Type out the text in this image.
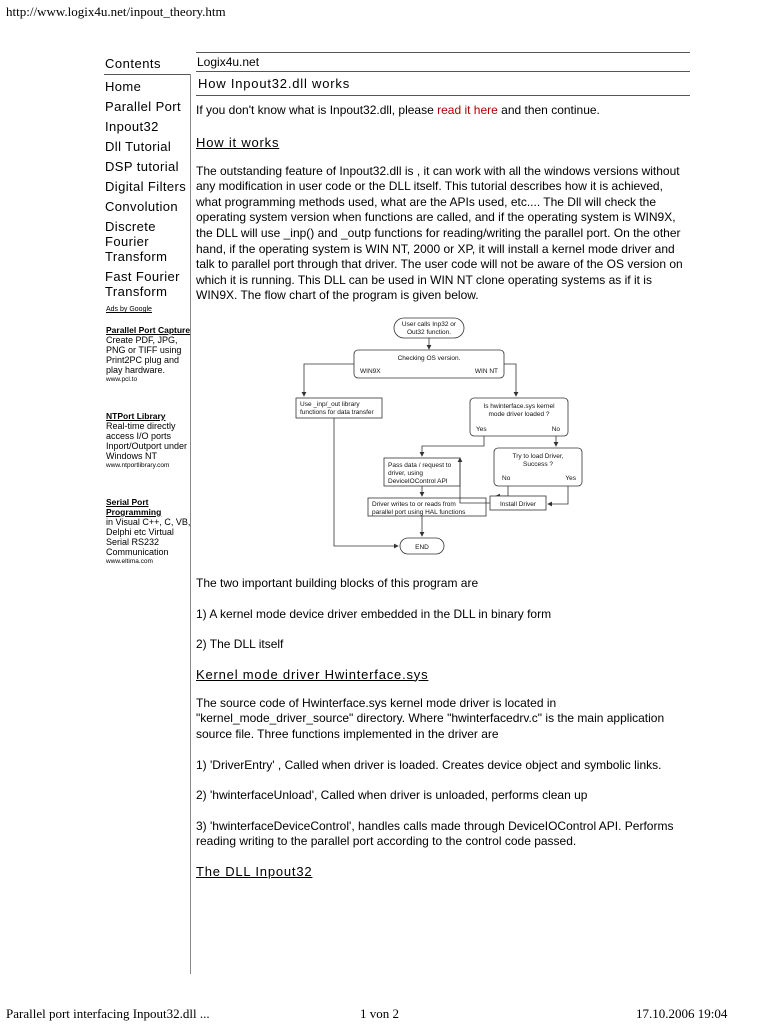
http://www.logix4u.net/inpout_theory.htm
Contents
Home
Parallel Port
Inpout32
Dll Tutorial
DSP tutorial
Digital Filters
Convolution
Discrete Fourier Transform
Fast Fourier Transform
Ads by Google
Parallel Port Capture
Create PDF, JPG, PNG or TIFF using Print2PC plug and play hardware.
www.pcl.to
NTPort Library
Real-time directly access I/O ports Inport/Outport under Windows NT
www.ntportlibrary.com
Serial Port Programming
in Visual C++, C, VB, Delphi etc Virtual Serial RS232 Communication
www.eltima.com
Logix4u.net
How Inpout32.dll works

If you don't know what is Inpout32.dll, please read it here and then continue.

How it works

The outstanding feature of Inpout32.dll is , it can work with all the windows versions without any modification in user code or the DLL itself. This tutorial describes how it is achieved, what programming methods used, what are the APIs used, etc.... The Dll will check the operating system version when functions are called, and if the operating system is WIN9X, the DLL will use _inp() and _outp functions for reading/writing the parallel port. On the other hand, if the operating system is WIN NT, 2000 or XP, it will install a kernel mode driver and talk to parallel port through that driver. The user code will not be aware of the OS version on which it is running. This DLL can be used in WIN NT clone operating systems as if it is WIN9X. The flow chart of the program is given below.

User calls Inp32 or
Out32 function.
Checking OS version.
WIN9X	WIN NT
Use _inp/_out library
functions for data transfer
Is hwinterface.sys kernel
mode driver loaded ?
Yes	No
Pass data / request to
driver, using
DeviceIOControl API
Try to load Driver,
Success ?
No	Yes
Driver writes to or reads from
parallel port using HAL functions
Install Driver
END

The two important building blocks of this program are

1) A kernel mode device driver embedded in the DLL in binary form

2) The DLL itself

Kernel mode driver Hwinterface.sys

The source code of Hwinterface.sys kernel mode driver is located in "kernel_mode_driver_source" directory. Where "hwinterfacedrv.c" is the main application source file. Three functions implemented in the driver are

1) 'DriverEntry' , Called when driver is loaded. Creates device object and symbolic links.

2) 'hwinterfaceUnload', Called when driver is unloaded, performs clean up

3) 'hwinterfaceDeviceControl', handles calls made through DeviceIOControl API. Performs reading writing to the parallel port according to the control code passed.

The DLL Inpout32
Parallel port interfacing Inpout32.dll ...	1 von 2	17.10.2006 19:04
